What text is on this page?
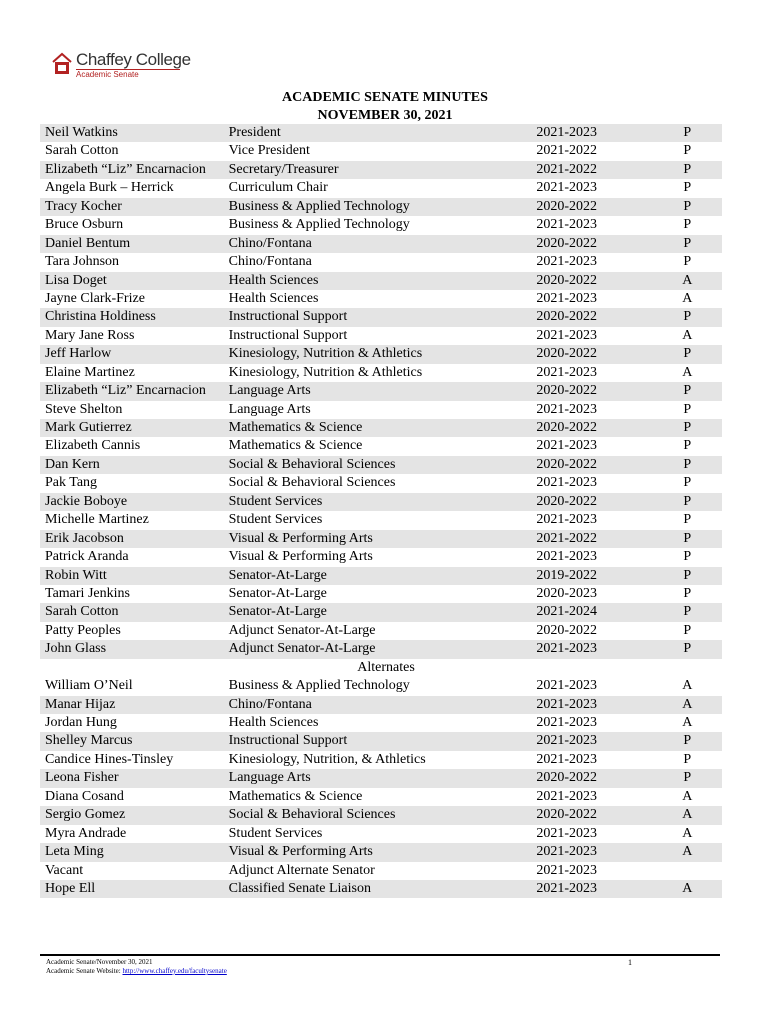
Chaffey College
Academic Senate
ACADEMIC SENATE MINUTES
NOVEMBER 30, 2021
Neil Watkins	President	2021-2023	P
Sarah Cotton	Vice President	2021-2022	P
Elizabeth “Liz” Encarnacion	Secretary/Treasurer	2021-2022	P
Angela Burk – Herrick	Curriculum Chair	2021-2023	P
Tracy Kocher	Business & Applied Technology	2020-2022	P
Bruce Osburn	Business & Applied Technology	2021-2023	P
Daniel Bentum	Chino/Fontana	2020-2022	P
Tara Johnson	Chino/Fontana	2021-2023	P
Lisa Doget	Health Sciences	2020-2022	A
Jayne Clark-Frize	Health Sciences	2021-2023	A
Christina Holdiness	Instructional Support	2020-2022	P
Mary Jane Ross	Instructional Support	2021-2023	A
Jeff Harlow	Kinesiology, Nutrition & Athletics	2020-2022	P
Elaine Martinez	Kinesiology, Nutrition & Athletics	2021-2023	A
Elizabeth “Liz” Encarnacion	Language Arts	2020-2022	P
Steve Shelton	Language Arts	2021-2023	P
Mark Gutierrez	Mathematics & Science	2020-2022	P
Elizabeth Cannis	Mathematics & Science	2021-2023	P
Dan Kern	Social & Behavioral Sciences	2020-2022	P
Pak Tang	Social & Behavioral Sciences	2021-2023	P
Jackie Boboye	Student Services	2020-2022	P
Michelle Martinez	Student Services	2021-2023	P
Erik Jacobson	Visual & Performing Arts	2021-2022	P
Patrick Aranda	Visual & Performing Arts	2021-2023	P
Robin Witt	Senator-At-Large	2019-2022	P
Tamari Jenkins	Senator-At-Large	2020-2023	P
Sarah Cotton	Senator-At-Large	2021-2024	P
Patty Peoples	Adjunct Senator-At-Large	2020-2022	P
John Glass	Adjunct Senator-At-Large	2021-2023	P
Alternates
William O’Neil	Business & Applied Technology	2021-2023	A
Manar Hijaz	Chino/Fontana	2021-2023	A
Jordan Hung	Health Sciences	2021-2023	A
Shelley Marcus	Instructional Support	2021-2023	P
Candice Hines-Tinsley	Kinesiology, Nutrition, & Athletics	2021-2023	P
Leona Fisher	Language Arts	2020-2022	P
Diana Cosand	Mathematics & Science	2021-2023	A
Sergio Gomez	Social & Behavioral Sciences	2020-2022	A
Myra Andrade	Student Services	2021-2023	A
Leta Ming	Visual & Performing Arts	2021-2023	A
Vacant	Adjunct Alternate Senator	2021-2023
Hope Ell	Classified Senate Liaison	2021-2023	A
Academic Senate/November 30, 2021
Academic Senate Website: http://www.chaffey.edu/facultysenate
1
